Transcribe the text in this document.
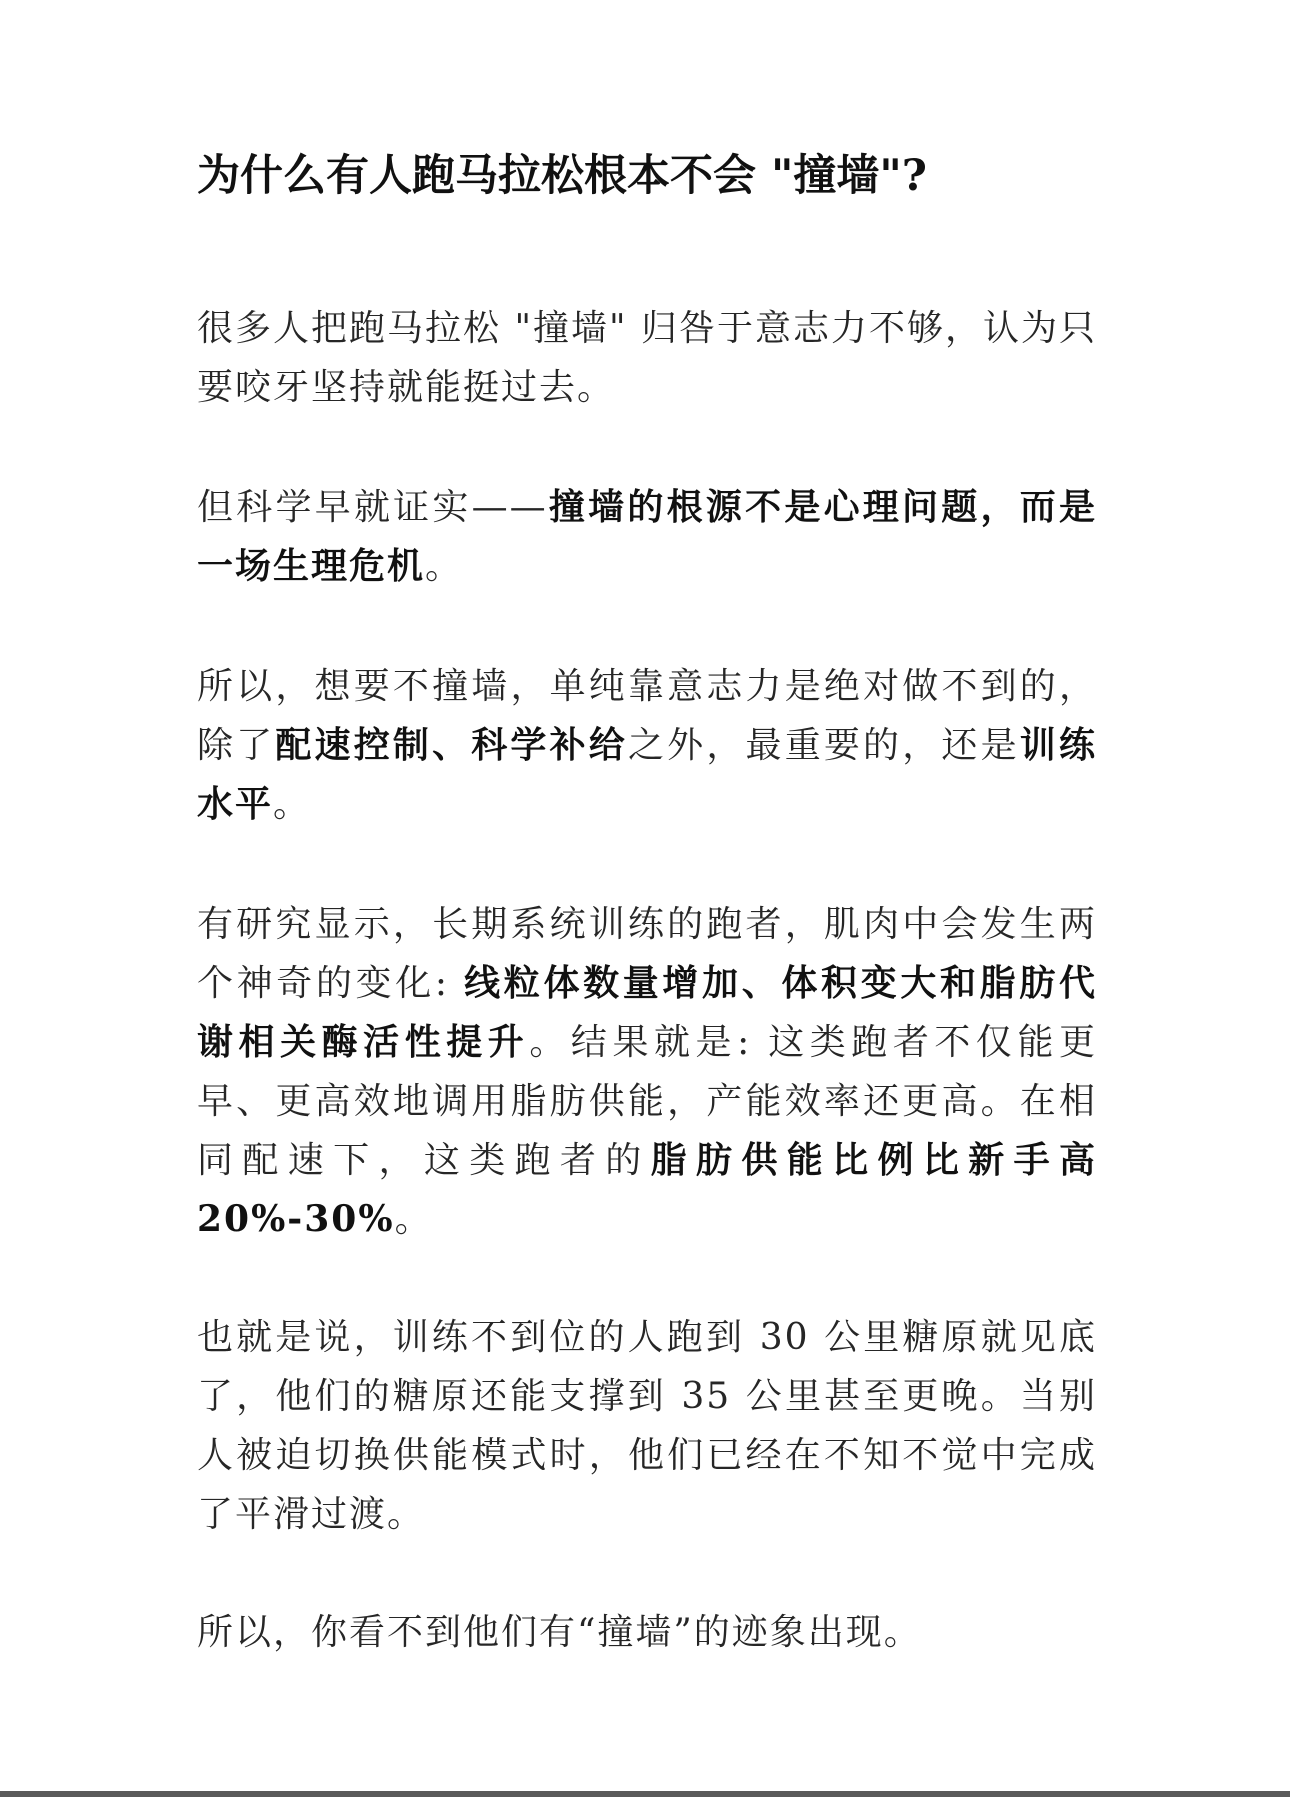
为什么有人跑马拉松根本不会 "撞墙"?

很多人把跑马拉松 "撞墙" 归咎于意志力不够，认为只要咬牙坚持就能挺过去。

但科学早就证实——撞墙的根源不是心理问题，而是一场生理危机。

所以，想要不撞墙，单纯靠意志力是绝对做不到的，除了配速控制、科学补给之外，最重要的，还是训练水平。

有研究显示，长期系统训练的跑者，肌肉中会发生两个神奇的变化: 线粒体数量增加、体积变大和脂肪代谢相关酶活性提升。结果就是: 这类跑者不仅能更早、更高效地调用脂肪供能，产能效率还更高。在相同配速下，这类跑者的脂肪供能比例比新手高 20%-30%。

也就是说，训练不到位的人跑到 30 公里糖原就见底了，他们的糖原还能支撑到 35 公里甚至更晚。当别人被迫切换供能模式时，他们已经在不知不觉中完成了平滑过渡。

所以，你看不到他们有“撞墙”的迹象出现。
